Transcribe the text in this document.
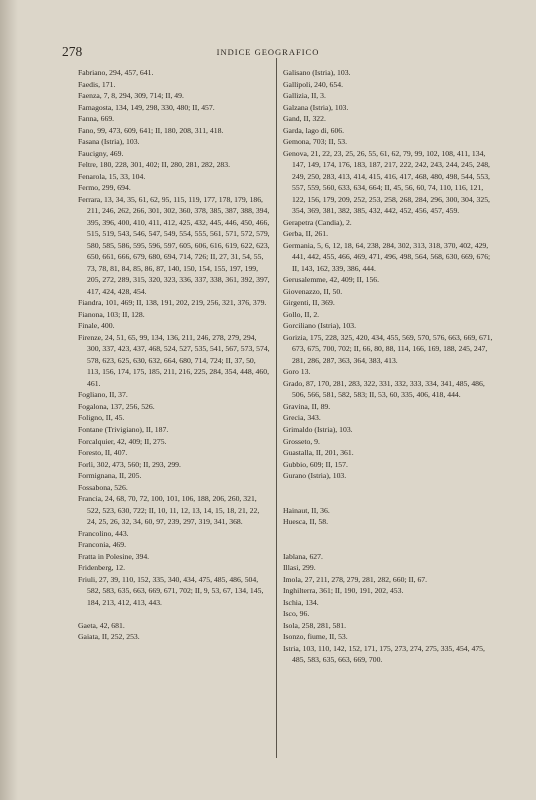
278	INDICE GEOGRAFICO
Fabriano, 294, 457, 641.
Faedis, 171.
Faenza, 7, 8, 294, 309, 714; II, 49.
Famagosta, 134, 149, 298, 330, 480; II, 457.
Fanna, 669.
Fano, 99, 473, 609, 641; II, 180, 208, 311, 418.
Fasana (Istria), 103.
Faucigny, 469.
Feltre, 180, 228, 301, 402; II, 280, 281, 282, 283.
Fenarola, 15, 33, 104.
Fermo, 299, 694.
Ferrara, 13, 34, 35, 61, 62, 95, 115, 119, 177, 178, 179, 186, 211, 246, 262, 266, 301, 302, 360, 378, 385, 387, 388, 394, 395, 396, 400, 410, 411, 412, 425, 432, 445, 446, 450, 466, 515, 519, 543, 546, 547, 549, 554, 555, 561, 571, 572, 579, 580, 585, 586, 595, 596, 597, 605, 606, 616, 619, 622, 623, 650, 661, 666, 679, 680, 694, 714, 726; II, 27, 31, 54, 55, 73, 78, 81, 84, 85, 86, 87, 140, 150, 154, 155, 197, 199, 205, 272, 289, 315, 320, 323, 336, 337, 338, 361, 392, 397, 417, 424, 428, 454.
Fiandra, 101, 469; II, 138, 191, 202, 219, 256, 321, 376, 379.
Fianona, 103; II, 128.
Finale, 400.
Firenze, 24, 51, 65, 99, 134, 136, 211, 246, 278, 279, 294, 300, 337, 423, 437, 468, 524, 527, 535, 541, 567, 573, 574, 578, 623, 625, 630, 632, 664, 680, 714, 724; II, 37, 50, 113, 156, 174, 175, 185, 211, 216, 225, 284, 354, 448, 460, 461.
Fogliano, II, 37.
Fogalona, 137, 256, 526.
Foligno, II, 45.
Fontane (Trivigiano), II, 187.
Forcalquier, 42, 409; II, 275.
Foresto, II, 407.
Forlì, 302, 473, 560; II, 293, 299.
Formignana, II, 205.
Fossabona, 526.
Francia, 24, 68, 70, 72, 100, 101, 106, 188, 206, 260, 321, 522, 523, 630, 722; II, 10, 11, 12, 13, 14, 15, 18, 21, 22, 24, 25, 26, 32, 34, 60, 97, 239, 297, 319, 341, 368.
Francolino, 443.
Franconia, 469.
Fratta in Polesine, 394.
Fridenberg, 12.
Friuli, 27, 39, 110, 152, 335, 340, 434, 475, 485, 486, 504, 582, 583, 635, 663, 669, 671, 702; II, 9, 53, 67, 134, 145, 184, 213, 412, 413, 443.
Gaeta, 42, 681.
Gaiata, II, 252, 253.
Galisano (Istria), 103.
Gallipoli, 240, 654.
Gallizia, II, 3.
Galzana (Istria), 103.
Gand, II, 322.
Garda, lago di, 606.
Gemona, 703; II, 53.
Genova, 21, 22, 23, 25, 26, 55, 61, 62, 79, 99, 102, 108, 411, 134, 147, 149, 174, 176, 183, 187, 217, 222, 242, 243, 244, 245, 248, 249, 250, 283, 413, 414, 415, 416, 417, 468, 480, 498, 544, 553, 557, 559, 560, 633, 634, 664; II, 45, 56, 60, 74, 110, 116, 121, 122, 156, 179, 209, 252, 253, 258, 268, 284, 296, 300, 304, 325, 354, 369, 381, 382, 385, 432, 442, 452, 456, 457, 459.
Gerapetra (Candia), 2.
Gerba, II, 261.
Germania, 5, 6, 12, 18, 64, 238, 284, 302, 313, 318, 370, 402, 429, 441, 442, 455, 466, 469, 471, 496, 498, 564, 568, 630, 669, 676; II, 143, 162, 339, 386, 444.
Gerusalemme, 42, 409; II, 156.
Giovenazzo, II, 50.
Girgenti, II, 369.
Gollo, II, 2.
Gorciliano (Istria), 103.
Gorizia, 175, 228, 325, 420, 434, 455, 569, 570, 576, 663, 669, 671, 673, 675, 700, 702; II, 66, 80, 88, 114, 166, 169, 188, 245, 247, 281, 286, 287, 363, 364, 383, 413.
Goro 13.
Grado, 87, 170, 281, 283, 322, 331, 332, 333, 334, 341, 485, 486, 506, 566, 581, 582, 583; II, 53, 60, 335, 406, 418, 444.
Gravina, II, 89.
Grecia, 343.
Grimaldo (Istria), 103.
Grosseto, 9.
Guastalla, II, 201, 361.
Gubbio, 609; II, 157.
Gurano (Istria), 103.
Hainaut, II, 36.
Huesca, II, 58.
Iablana, 627.
Illasi, 299.
Imola, 27, 211, 278, 279, 281, 282, 660; II, 67.
Inghilterra, 361; II, 190, 191, 202, 453.
Ischia, 134.
Isco, 96.
Isola, 258, 281, 581.
Isonzo, fiume, II, 53.
Istria, 103, 110, 142, 152, 171, 175, 273, 274, 275, 335, 454, 475, 485, 583, 635, 663, 669, 700.
